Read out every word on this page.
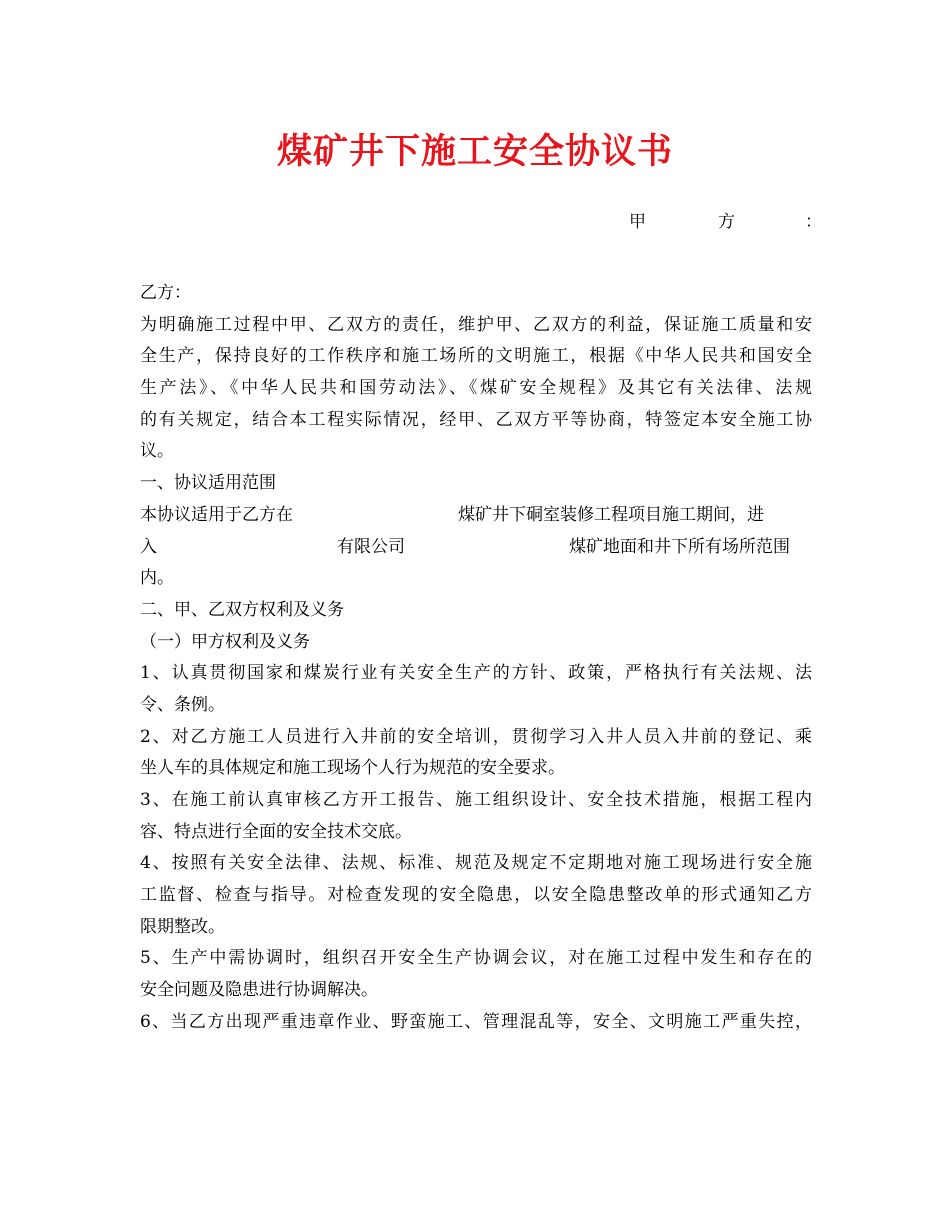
煤矿井下施工安全协议书
甲	方	：
乙方：
为明确施工过程中甲、乙双方的责任，维护甲、乙双方的利益，保证施工质量和安
全生产，保持良好的工作秩序和施工场所的文明施工，根据《中华人民共和国安全
生产法》、《中华人民共和国劳动法》、《煤矿安全规程》及其它有关法律、法规
的有关规定，结合本工程实际情况，经甲、乙双方平等协商，特签定本安全施工协
议。
一、协议适用范围
本协议适用于乙方在	煤矿井下硐室装修工程项目施工期间，进
入	有限公司	煤矿地面和井下所有场所范围
内。
二、甲、乙双方权利及义务
（一）甲方权利及义务
1、认真贯彻国家和煤炭行业有关安全生产的方针、政策，严格执行有关法规、法
令、条例。
2、对乙方施工人员进行入井前的安全培训，贯彻学习入井人员入井前的登记、乘
坐人车的具体规定和施工现场个人行为规范的安全要求。
3、在施工前认真审核乙方开工报告、施工组织设计、安全技术措施，根据工程内
容、特点进行全面的安全技术交底。
4、按照有关安全法律、法规、标准、规范及规定不定期地对施工现场进行安全施
工监督、检查与指导。对检查发现的安全隐患，以安全隐患整改单的形式通知乙方
限期整改。
5、生产中需协调时，组织召开安全生产协调会议，对在施工过程中发生和存在的
安全问题及隐患进行协调解决。
6、当乙方出现严重违章作业、野蛮施工、管理混乱等，安全、文明施工严重失控，
